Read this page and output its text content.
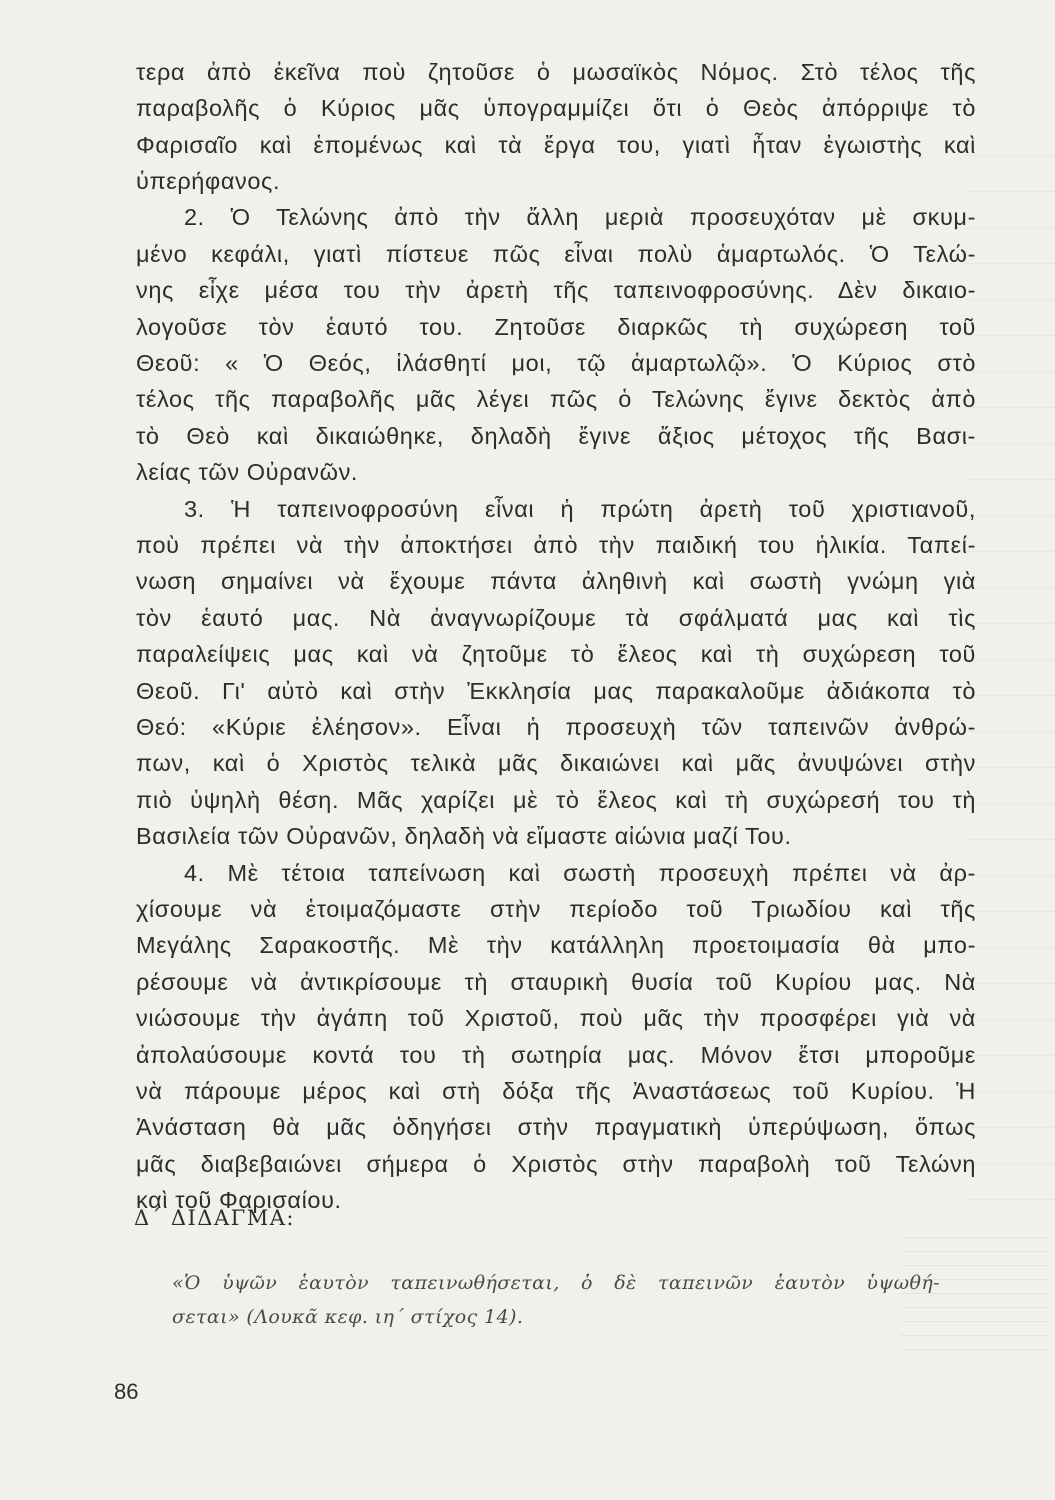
τερα ἀπὸ ἐκεῖνα ποὺ ζητοῦσε ὁ μωσαϊκὸς Νόμος. Στὸ τέλος τῆς
παραβολῆς ὁ Κύριος μᾶς ὑπογραμμίζει ὅτι ὁ Θεὸς ἀπόρριψε τὸ
Φαρισαῖο καὶ ἑπομένως καὶ τὰ ἔργα του, γιατὶ ἦταν ἐγωιστὴς καὶ
ὑπερήφανος.
2. Ὁ Τελώνης ἀπὸ τὴν ἄλλη μεριὰ προσευχόταν μὲ σκυμ-
μένο κεφάλι, γιατὶ πίστευε πῶς εἶναι πολὺ ἁμαρτωλός. Ὁ Τελώ-
νης εἶχε μέσα του τὴν ἀρετὴ τῆς ταπεινοφροσύνης. Δὲν δικαιο-
λογοῦσε τὸν ἑαυτό του. Ζητοῦσε διαρκῶς τὴ συχώρεση τοῦ
Θεοῦ: « Ὁ Θεός, ἱλάσθητί μοι, τῷ ἁμαρτωλῷ». Ὁ Κύριος στὸ
τέλος τῆς παραβολῆς μᾶς λέγει πῶς ὁ Τελώνης ἔγινε δεκτὸς ἀπὸ
τὸ Θεὸ καὶ δικαιώθηκε, δηλαδὴ ἔγινε ἄξιος μέτοχος τῆς Βασι-
λείας τῶν Οὐρανῶν.
3. Ἡ ταπεινοφροσύνη εἶναι ἡ πρώτη ἀρετὴ τοῦ χριστιανοῦ,
ποὺ πρέπει νὰ τὴν ἀποκτήσει ἀπὸ τὴν παιδική του ἡλικία. Ταπεί-
νωση σημαίνει νὰ ἔχουμε πάντα ἀληθινὴ καὶ σωστὴ γνώμη γιὰ
τὸν ἑαυτό μας. Νὰ ἀναγνωρίζουμε τὰ σφάλματά μας καὶ τὶς
παραλείψεις μας καὶ νὰ ζητοῦμε τὸ ἔλεος καὶ τὴ συχώρεση τοῦ
Θεοῦ. Γι' αὐτὸ καὶ στὴν Ἐκκλησία μας παρακαλοῦμε ἀδιάκοπα τὸ
Θεό: «Κύριε ἐλέησον». Εἶναι ἡ προσευχὴ τῶν ταπεινῶν ἀνθρώ-
πων, καὶ ὁ Χριστὸς τελικὰ μᾶς δικαιώνει καὶ μᾶς ἀνυψώνει στὴν
πιὸ ὑψηλὴ θέση. Μᾶς χαρίζει μὲ τὸ ἔλεος καὶ τὴ συχώρεσή του τὴ
Βασιλεία τῶν Οὐρανῶν, δηλαδὴ νὰ εἴμαστε αἰώνια μαζί Του.
4. Μὲ τέτοια ταπείνωση καὶ σωστὴ προσευχὴ πρέπει νὰ ἀρ-
χίσουμε νὰ ἑτοιμαζόμαστε στὴν περίοδο τοῦ Τριωδίου καὶ τῆς
Μεγάλης Σαρακοστῆς. Μὲ τὴν κατάλληλη προετοιμασία θὰ μπο-
ρέσουμε νὰ ἀντικρίσουμε τὴ σταυρικὴ θυσία τοῦ Κυρίου μας. Νὰ
νιώσουμε τὴν ἀγάπη τοῦ Χριστοῦ, ποὺ μᾶς τὴν προσφέρει γιὰ νὰ
ἀπολαύσουμε κοντά του τὴ σωτηρία μας. Μόνον ἔτσι μποροῦμε
νὰ πάρουμε μέρος καὶ στὴ δόξα τῆς Ἀναστάσεως τοῦ Κυρίου. Ἡ
Ἀνάσταση θὰ μᾶς ὁδηγήσει στὴν πραγματικὴ ὑπερύψωση, ὅπως
μᾶς διαβεβαιώνει σήμερα ὁ Χριστὸς στὴν παραβολὴ τοῦ Τελώνη
καὶ τοῦ Φαρισαίου.
Δ΄ ΔΙΔΑΓΜΑ:
«Ὁ ὑψῶν ἑαυτὸν ταπεινωθήσεται, ὁ δὲ ταπεινῶν ἑαυτὸν ὑψωθή-
σεται» (Λουκᾶ κεφ. ιη΄ στίχος 14).
86
